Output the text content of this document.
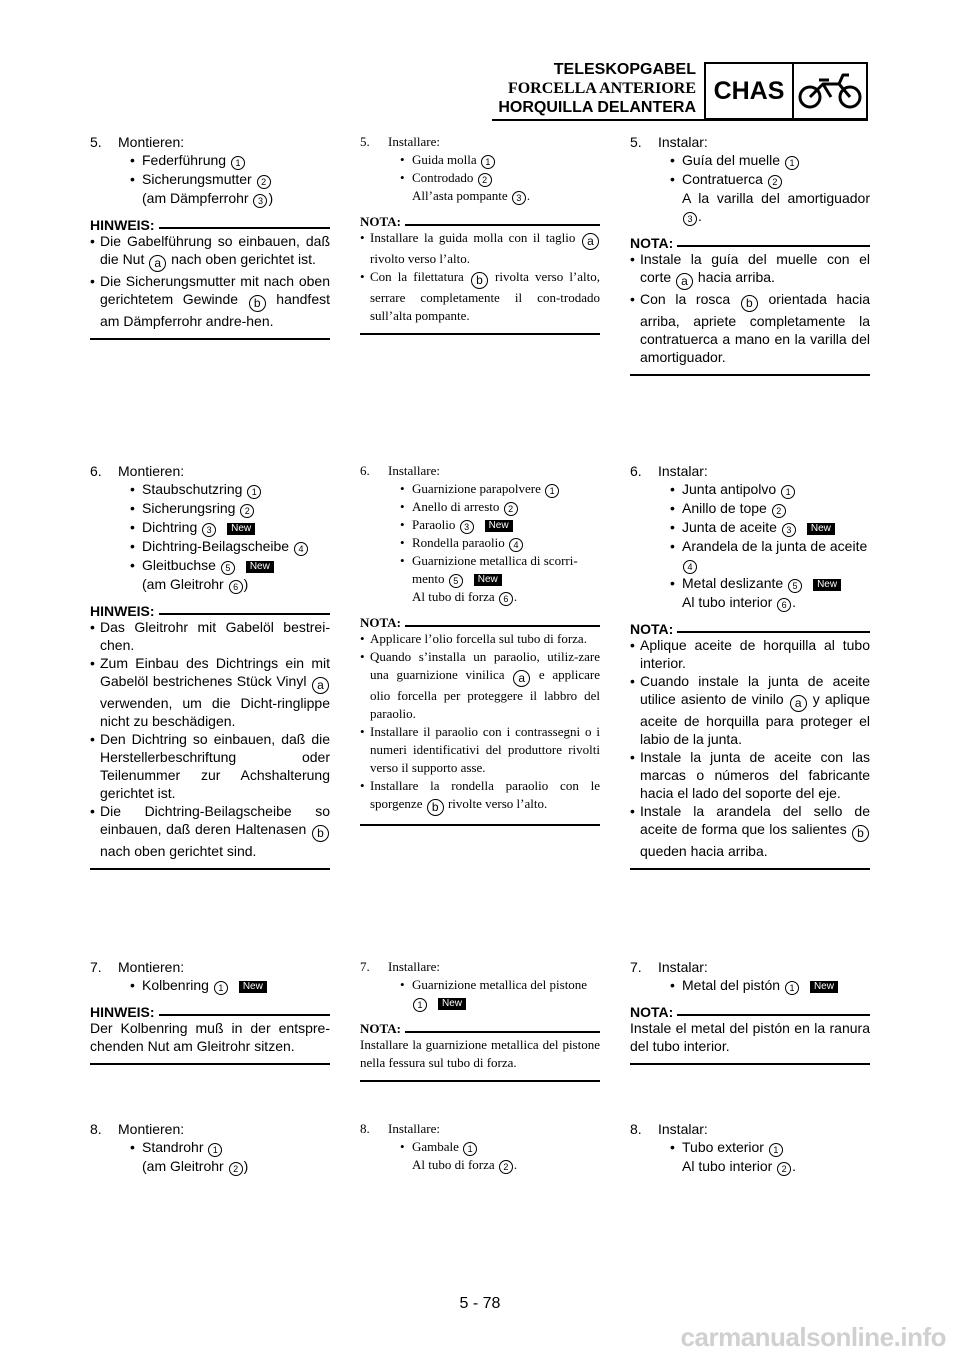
TELESKOPGABEL
FORCELLA ANTERIORE
HORQUILLA DELANTERA
CHAS
5.	Montieren:
• Federführung 1
• Sicherungsmutter 2
(am Dämpferrohr 3 )
HINWEIS:
• Die Gabelführung so einbauen, daß die Nut a nach oben gerichtet ist.
• Die Sicherungsmutter mit nach oben gerichtetem Gewinde b handfest am Dämpferrohr andre-hen.
5.	Installare:
• Guida molla 1
• Controdado 2
All’asta pompante 3 .
NOTA:
• Installare la guida molla con il taglio a rivolto verso l’alto.
• Con la filettatura b rivolta verso l’alto, serrare completamente il con-trodado sull’alta pompante.
5.	Instalar:
• Guía del muelle 1
• Contratuerca 2
A la varilla del amortiguador 3 .
NOTA:
• Instale la guía del muelle con el corte a hacia arriba.
• Con la rosca b orientada hacia arriba, apriete completamente la contratuerca a mano en la varilla del amortiguador.
6.	Montieren:
• Staubschutzring 1
• Sicherungsring 2
• Dichtring 3 New
• Dichtring-Beilagscheibe 4
• Gleitbuchse 5 New
(am Gleitrohr 6 )
HINWEIS:
• Das Gleitrohr mit Gabelöl bestrei-chen.
• Zum Einbau des Dichtrings ein mit Gabelöl bestrichenes Stück Vinyl a verwenden, um die Dicht-ringlippe nicht zu beschädigen.
• Den Dichtring so einbauen, daß die Herstellerbeschriftung oder Teilenummer zur Achshalterung gerichtet ist.
• Die Dichtring-Beilagscheibe so einbauen, daß deren Haltenasen b nach oben gerichtet sind.
6.	Installare:
• Guarnizione parapolvere 1
• Anello di arresto 2
• Paraolio 3 New
• Rondella paraolio 4
• Guarnizione metallica di scorri-mento 5 New
Al tubo di forza 6 .
NOTA:
• Applicare l’olio forcella sul tubo di forza.
• Quando s’installa un paraolio, utiliz-zare una guarnizione vinilica a e applicare olio forcella per proteggere il labbro del paraolio.
• Installare il paraolio con i contrassegni o i numeri identificativi del produttore rivolti verso il supporto asse.
• Installare la rondella paraolio con le sporgenze b rivolte verso l’alto.
6.	Instalar:
• Junta antipolvo 1
• Anillo de tope 2
• Junta de aceite 3 New
• Arandela de la junta de aceite 4
• Metal deslizante 5 New
Al tubo interior 6 .
NOTA:
• Aplique aceite de horquilla al tubo interior.
• Cuando instale la junta de aceite utilice asiento de vinilo a y aplique aceite de horquilla para proteger el labio de la junta.
• Instale la junta de aceite con las marcas o números del fabricante hacia el lado del soporte del eje.
• Instale la arandela del sello de aceite de forma que los salientes b queden hacia arriba.
7.	Montieren:
• Kolbenring 1 New
HINWEIS:
Der Kolbenring muß in der entspre-chenden Nut am Gleitrohr sitzen.
7.	Installare:
• Guarnizione metallica del pistone
1 New
NOTA:
Installare la guarnizione metallica del pistone nella fessura sul tubo di forza.
7.	Instalar:
• Metal del pistón 1 New
NOTA:
Instale el metal del pistón en la ranura del tubo interior.
8.	Montieren:
• Standrohr 1
(am Gleitrohr 2 )
8.	Installare:
• Gambale 1
Al tubo di forza 2 .
8.	Instalar:
• Tubo exterior 1
Al tubo interior 2 .
5 - 78
carmanualsonline.info
